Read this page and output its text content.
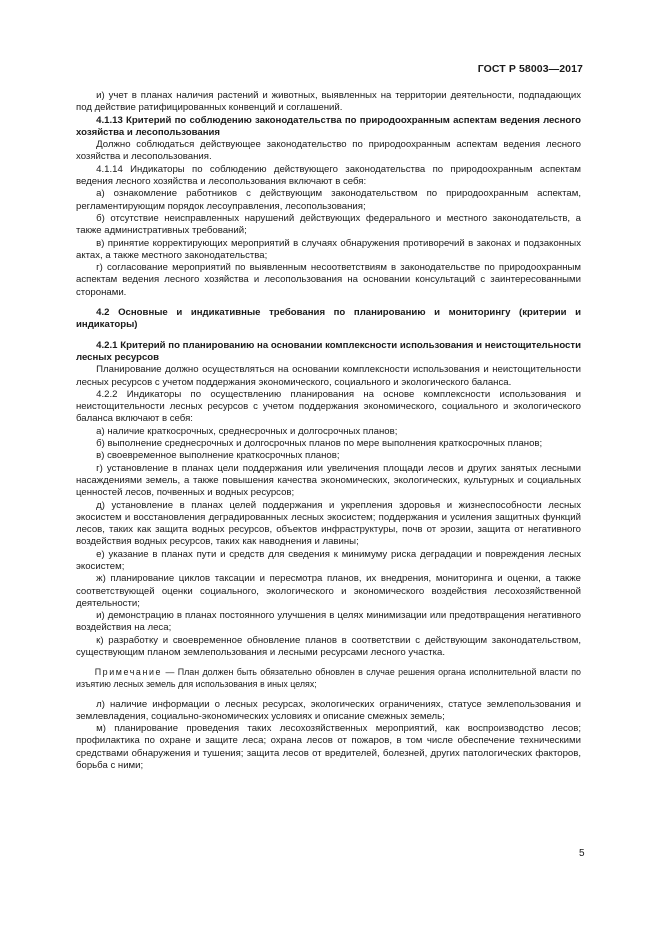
ГОСТ Р 58003—2017

и) учет в планах наличия растений и животных, выявленных на территории деятельности, подпадающих под действие ратифицированных конвенций и соглашений.

4.1.13 Критерий по соблюдению законодательства по природоохранным аспектам ведения лесного хозяйства и лесопользования

Должно соблюдаться действующее законодательство по природоохранным аспектам ведения лесного хозяйства и лесопользования.

4.1.14 Индикаторы по соблюдению действующего законодательства по природоохранным аспектам ведения лесного хозяйства и лесопользования включают в себя:

а) ознакомление работников с действующим законодательством по природоохранным аспектам, регламентирующим порядок лесоуправления, лесопользования;

б) отсутствие неисправленных нарушений действующих федерального и местного законодательств, а также административных требований;

в) принятие корректирующих мероприятий в случаях обнаружения противоречий в законах и подзаконных актах, а также местного законодательства;

г) согласование мероприятий по выявленным несоответствиям в законодательстве по природоохранным аспектам ведения лесного хозяйства и лесопользования на основании консультаций с заинтересованными сторонами.

4.2 Основные и индикативные требования по планированию и мониторингу (критерии и индикаторы)

4.2.1 Критерий по планированию на основании комплексности использования и неистощительности лесных ресурсов

Планирование должно осуществляться на основании комплексности использования и неистощительности лесных ресурсов с учетом поддержания экономического, социального и экологического баланса.

4.2.2 Индикаторы по осуществлению планирования на основе комплексности использования и неистощительности лесных ресурсов с учетом поддержания экономического, социального и экологического баланса включают в себя:

а) наличие краткосрочных, среднесрочных и долгосрочных планов;

б) выполнение среднесрочных и долгосрочных планов по мере выполнения краткосрочных планов;

в) своевременное выполнение краткосрочных планов;

г) установление в планах цели поддержания или увеличения площади лесов и других занятых лесными насаждениями земель, а также повышения качества экономических, экологических, культурных и социальных ценностей лесов, почвенных и водных ресурсов;

д) установление в планах целей поддержания и укрепления здоровья и жизнеспособности лесных экосистем и восстановления деградированных лесных экосистем; поддержания и усиления защитных функций лесов, таких как защита водных ресурсов, объектов инфраструктуры, почв от эрозии, защита от негативного воздействия водных ресурсов, таких как наводнения и лавины;

е) указание в планах пути и средств для сведения к минимуму риска деградации и повреждения лесных экосистем;

ж) планирование циклов таксации и пересмотра планов, их внедрения, мониторинга и оценки, а также соответствующей оценки социального, экологического и экономического воздействия лесохозяйственной деятельности;

и) демонстрацию в планах постоянного улучшения в целях минимизации или предотвращения негативного воздействия на леса;

к) разработку и своевременное обновление планов в соответствии с действующим законодательством, существующим планом землепользования и лесными ресурсами лесного участка.

Примечание — План должен быть обязательно обновлен в случае решения органа исполнительной власти по изъятию лесных земель для использования в иных целях;

л) наличие информации о лесных ресурсах, экологических ограничениях, статусе землепользования и землевладения, социально-экономических условиях и описание смежных земель;

м) планирование проведения таких лесохозяйственных мероприятий, как воспроизводство лесов; профилактика по охране и защите леса; охрана лесов от пожаров, в том числе обеспечение техническими средствами обнаружения и тушения; защита лесов от вредителей, болезней, других патологических факторов, борьба с ними;

5
